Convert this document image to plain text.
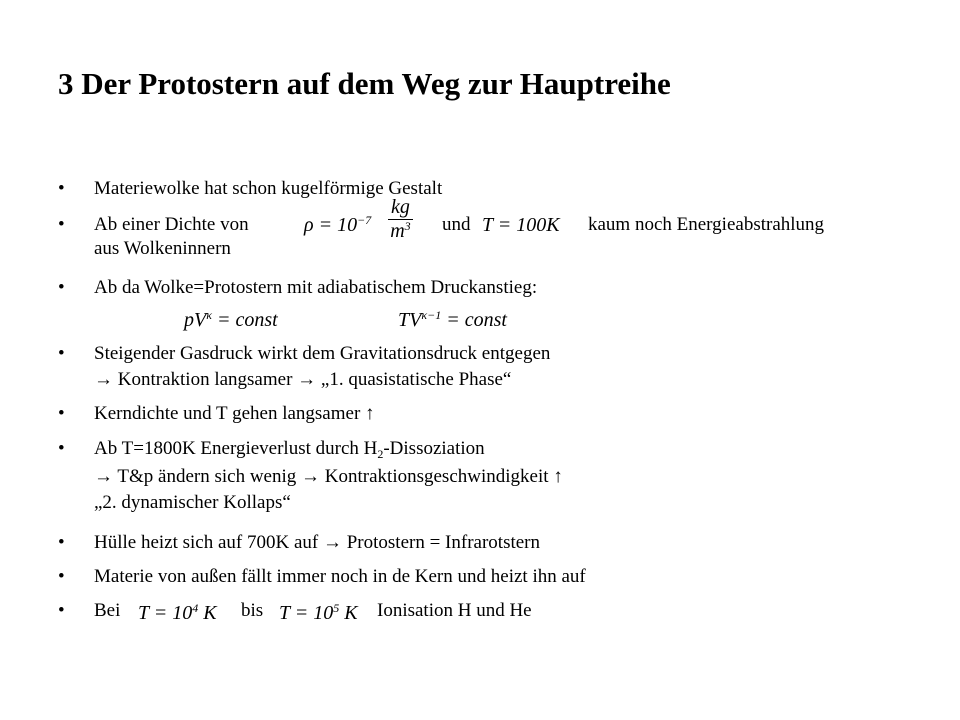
3 Der Protostern auf dem Weg zur Hauptreihe
• Materiewolke hat schon kugelförmige Gestalt
• Ab einer Dichte von	$\rho = 10^{-7}$
kg
$m^3$ und T = 100K kaum noch Energieabstrahlung
aus Wolkeninnern
• Ab da Wolke=Protostern mit adiabatischem Druckanstieg:
$pV^\kappa$ = const	$TV^{\kappa-1}$ = const
• Steigender Gasdruck wirkt dem Gravitationsdruck entgegen
→ Kontraktion langsamer → „1. quasistatische Phase“
• Kerndichte und T gehen langsamer ↑
• Ab T=1800K Energieverlust durch $H_2$-Dissoziation
→ T&p ändern sich wenig → Kontraktionsgeschwindigkeit ↑
„2. dynamischer Kollaps“
• Hülle heizt sich auf 700K auf → Protostern = Infrarotstern
• Materie von außen fällt immer noch in de Kern und heizt ihn auf
• Bei $T = 10^4$ K bis $T = 10^5$ K Ionisation H und He
